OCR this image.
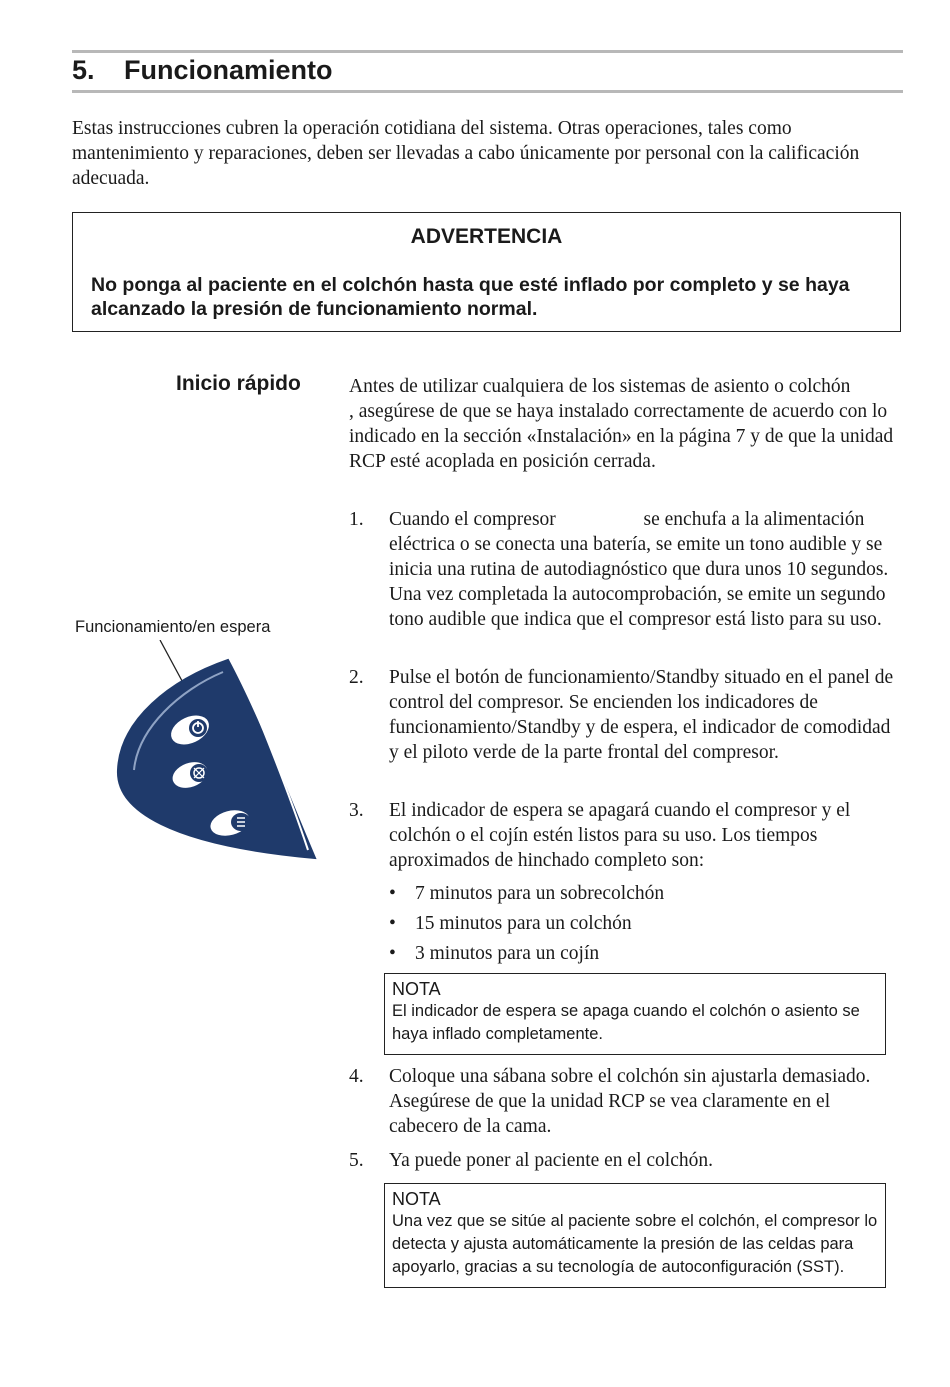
5. Funcionamiento
Estas instrucciones cubren la operación cotidiana del sistema. Otras operaciones, tales como mantenimiento y reparaciones, deben ser llevadas a cabo únicamente por personal con la calificación adecuada.
ADVERTENCIA
No ponga al paciente en el colchón hasta que esté inflado por completo y se haya alcanzado la presión de funcionamiento normal.
Inicio rápido
Funcionamiento/en espera
Antes de utilizar cualquiera de los sistemas de asiento o colchón                , asegúrese de que se haya instalado correctamente de acuerdo con lo indicado en la sección «Instalación» en la página 7 y de que la unidad RCP esté acoplada en posición cerrada.
1.	Cuando el compresor                  se enchufa a la alimentación eléctrica o se conecta una batería, se emite un tono audible y se inicia una rutina de autodiagnóstico que dura unos 10 segundos. Una vez completada la autocomprobación, se emite un segundo tono audible que indica que el compresor está listo para su uso.
2.	Pulse el botón de funcionamiento/Standby situado en el panel de control del compresor. Se encienden los indicadores de funcionamiento/Standby y de espera, el indicador de comodidad y el piloto verde de la parte frontal del compresor.
3.	El indicador de espera se apagará cuando el compresor y el colchón o el cojín estén listos para su uso. Los tiempos aproximados de hinchado completo son:
• 7 minutos para un sobrecolchón
• 15 minutos para un colchón
• 3 minutos para un cojín
NOTA
El indicador de espera se apaga cuando el colchón o asiento se haya inflado completamente.
4.	Coloque una sábana sobre el colchón sin ajustarla demasiado. Asegúrese de que la unidad RCP se vea claramente en el cabecero de la cama.
5.	Ya puede poner al paciente en el colchón.
NOTA
Una vez que se sitúe al paciente sobre el colchón, el compresor lo detecta y ajusta automáticamente la presión de las celdas para apoyarlo, gracias a su tecnología de autoconfiguración (SST).
